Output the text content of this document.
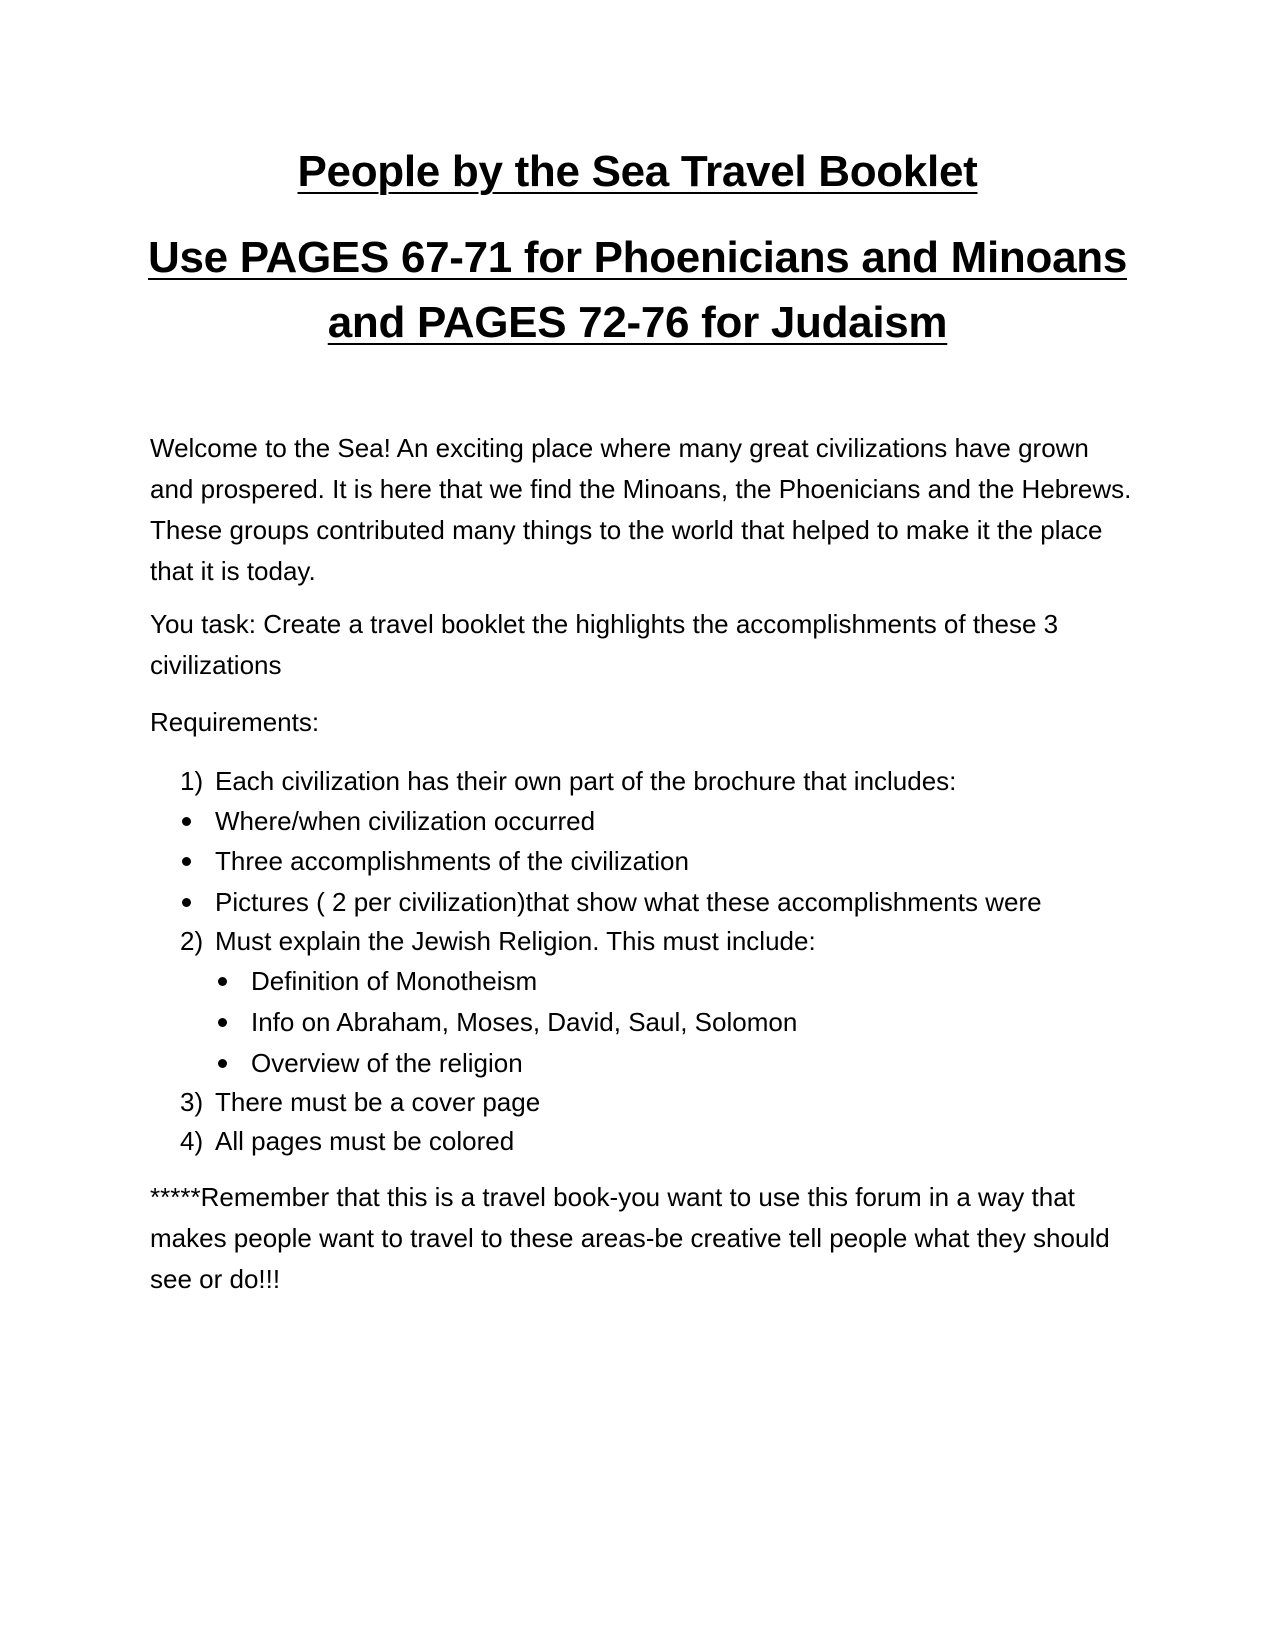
People by the Sea Travel Booklet
Use PAGES 67-71 for Phoenicians and Minoans
and PAGES 72-76 for Judaism

Welcome to the Sea! An exciting place where many great civilizations have grown and prospered. It is here that we find the Minoans, the Phoenicians and the Hebrews. These groups contributed many things to the world that helped to make it the place that it is today.

You task: Create a travel booklet the highlights the accomplishments of these 3 civilizations

Requirements:

1) Each civilization has their own part of the brochure that includes:
Where/when civilization occurred
Three accomplishments of the civilization
Pictures ( 2 per civilization)that show what these accomplishments were
2) Must explain the Jewish Religion. This must include:
Definition of Monotheism
Info on Abraham, Moses, David, Saul, Solomon
Overview of the religion
3) There must be a cover page
4) All pages must be colored

*****Remember that this is a travel book-you want to use this forum in a way that makes people want to travel to these areas-be creative tell people what they should see or do!!!
